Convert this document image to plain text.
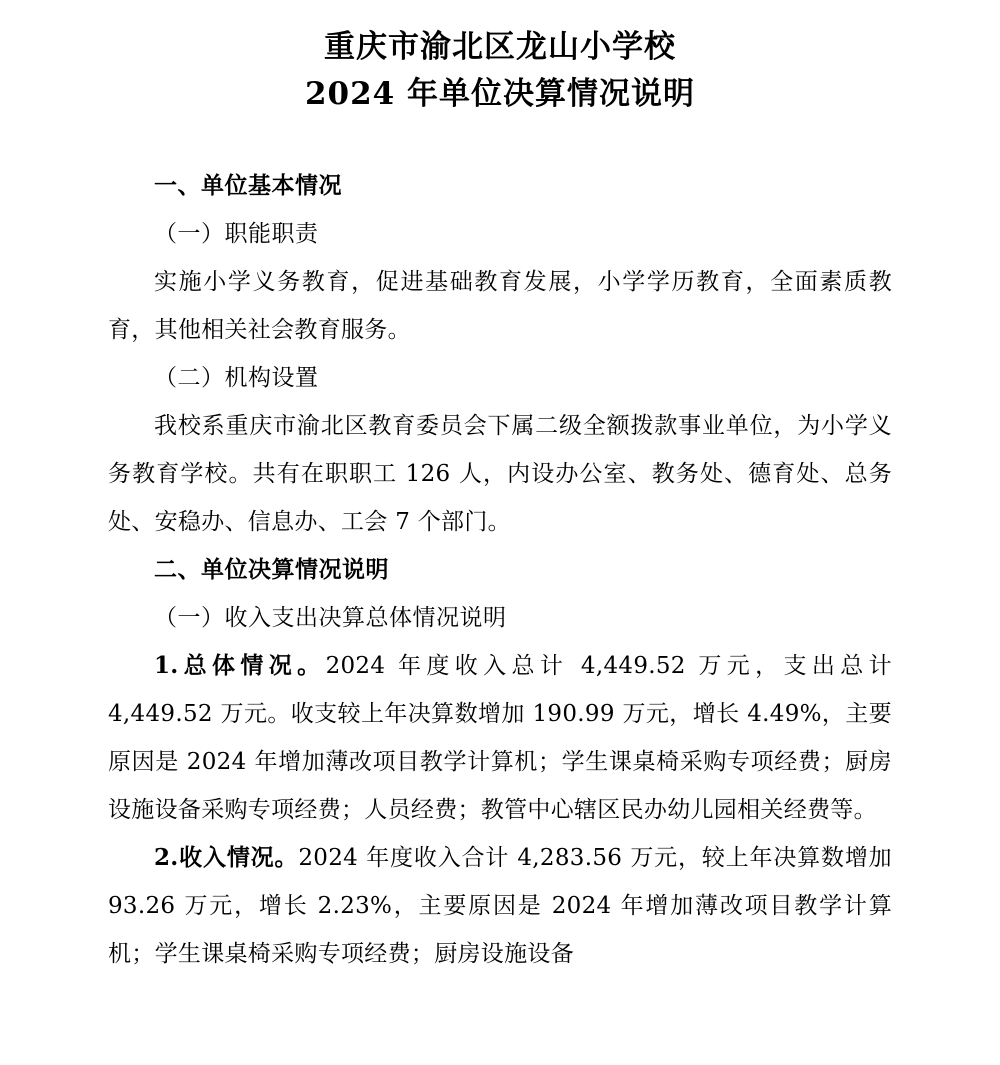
重庆市渝北区龙山小学校
2024 年单位决算情况说明

一、单位基本情况

（一）职能职责

实施小学义务教育，促进基础教育发展，小学学历教育，全面素质教育，其他相关社会教育服务。

（二）机构设置

我校系重庆市渝北区教育委员会下属二级全额拨款事业单位，为小学义务教育学校。共有在职职工 126 人，内设办公室、教务处、德育处、总务处、安稳办、信息办、工会 7 个部门。

二、单位决算情况说明

（一）收入支出决算总体情况说明

1.总体情况。2024 年度收入总计 4,449.52 万元，支出总计 4,449.52 万元。收支较上年决算数增加 190.99 万元，增长 4.49%，主要原因是 2024 年增加薄改项目教学计算机；学生课桌椅采购专项经费；厨房设施设备采购专项经费；人员经费；教管中心辖区民办幼儿园相关经费等。

2.收入情况。2024 年度收入合计 4,283.56 万元，较上年决算数增加 93.26 万元，增长 2.23%，主要原因是 2024 年增加薄改项目教学计算机；学生课桌椅采购专项经费；厨房设施设备
